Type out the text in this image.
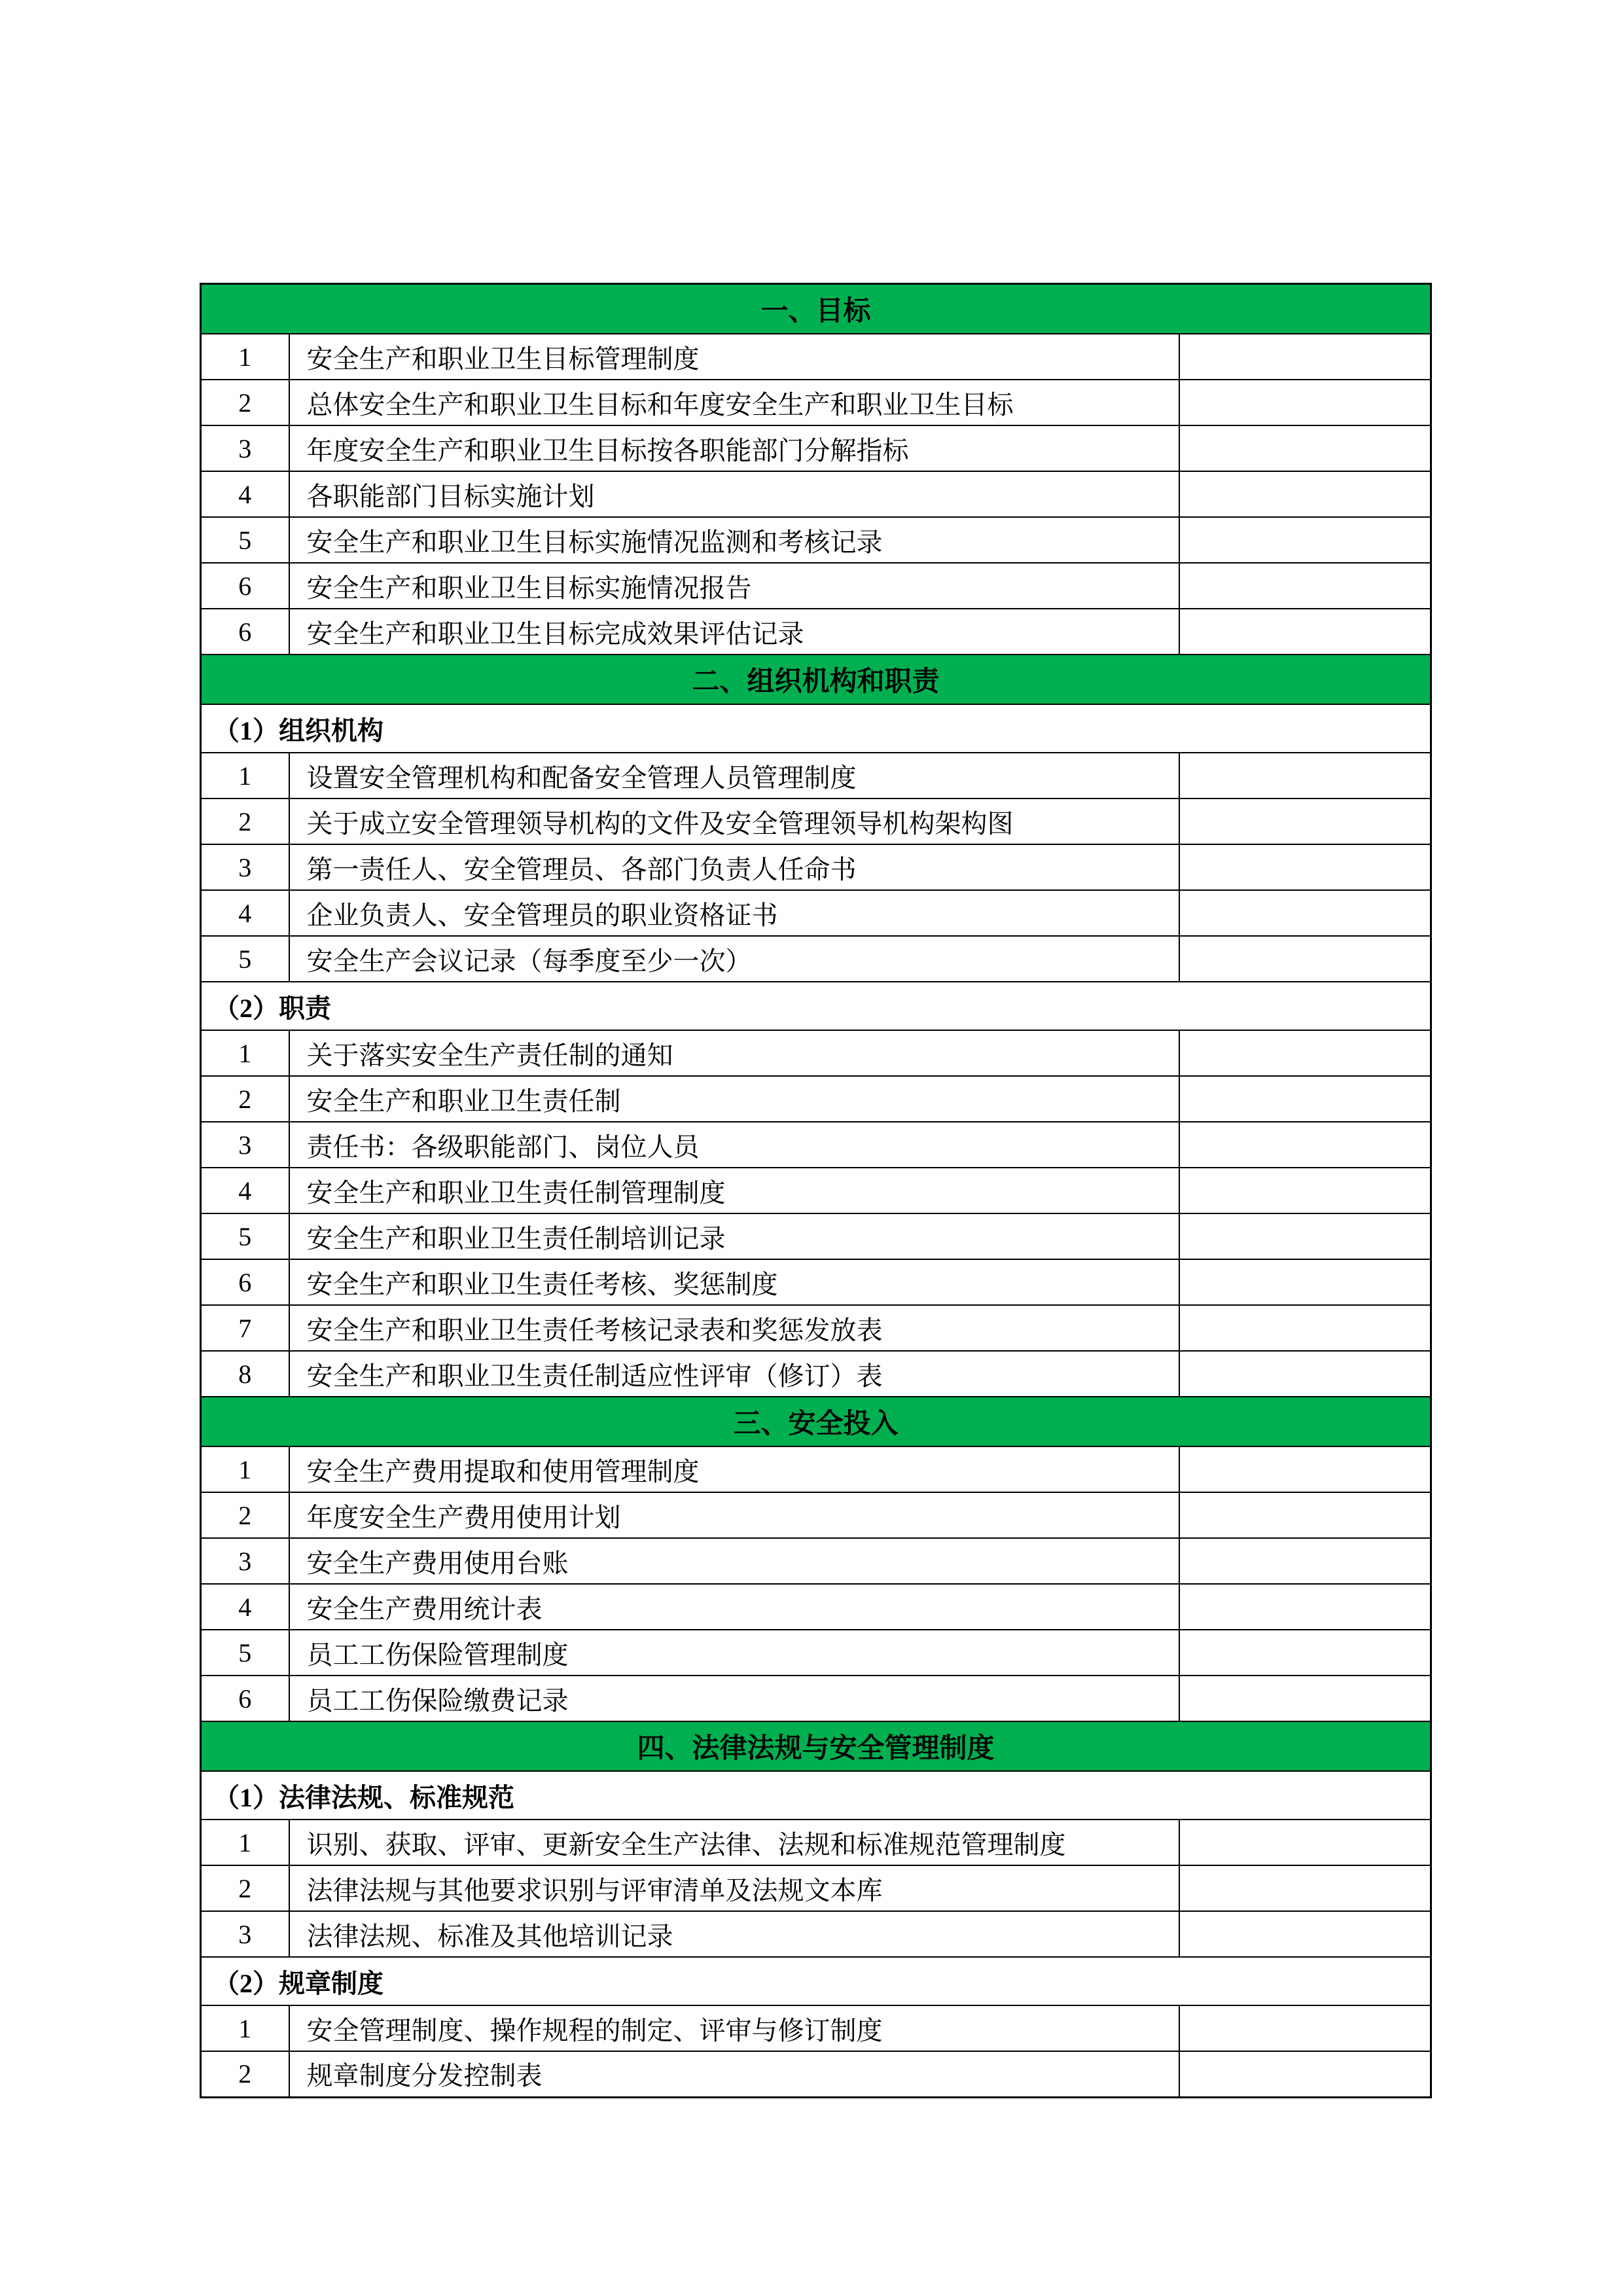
一、目标		
1	安全生产和职业卫生目标管理制度	
2	总体安全生产和职业卫生目标和年度安全生产和职业卫生目标	
3	年度安全生产和职业卫生目标按各职能部门分解指标	
4	各职能部门目标实施计划	
5	安全生产和职业卫生目标实施情况监测和考核记录	
6	安全生产和职业卫生目标实施情况报告	
6	安全生产和职业卫生目标完成效果评估记录	
二、组织机构和职责		
（1）组织机构		
1	设置安全管理机构和配备安全管理人员管理制度	
2	关于成立安全管理领导机构的文件及安全管理领导机构架构图	
3	第一责任人、安全管理员、各部门负责人任命书	
4	企业负责人、安全管理员的职业资格证书	
5	安全生产会议记录（每季度至少一次）	
（2）职责		
1	关于落实安全生产责任制的通知	
2	安全生产和职业卫生责任制	
3	责任书：各级职能部门、岗位人员	
4	安全生产和职业卫生责任制管理制度	
5	安全生产和职业卫生责任制培训记录	
6	安全生产和职业卫生责任考核、奖惩制度	
7	安全生产和职业卫生责任考核记录表和奖惩发放表	
8	安全生产和职业卫生责任制适应性评审（修订）表	
三、安全投入		
1	安全生产费用提取和使用管理制度	
2	年度安全生产费用使用计划	
3	安全生产费用使用台账	
4	安全生产费用统计表	
5	员工工伤保险管理制度	
6	员工工伤保险缴费记录	
四、法律法规与安全管理制度		
（1）法律法规、标准规范		
1	识别、获取、评审、更新安全生产法律、法规和标准规范管理制度	
2	法律法规与其他要求识别与评审清单及法规文本库	
3	法律法规、标准及其他培训记录	
（2）规章制度		
1	安全管理制度、操作规程的制定、评审与修订制度	
2	规章制度分发控制表	
